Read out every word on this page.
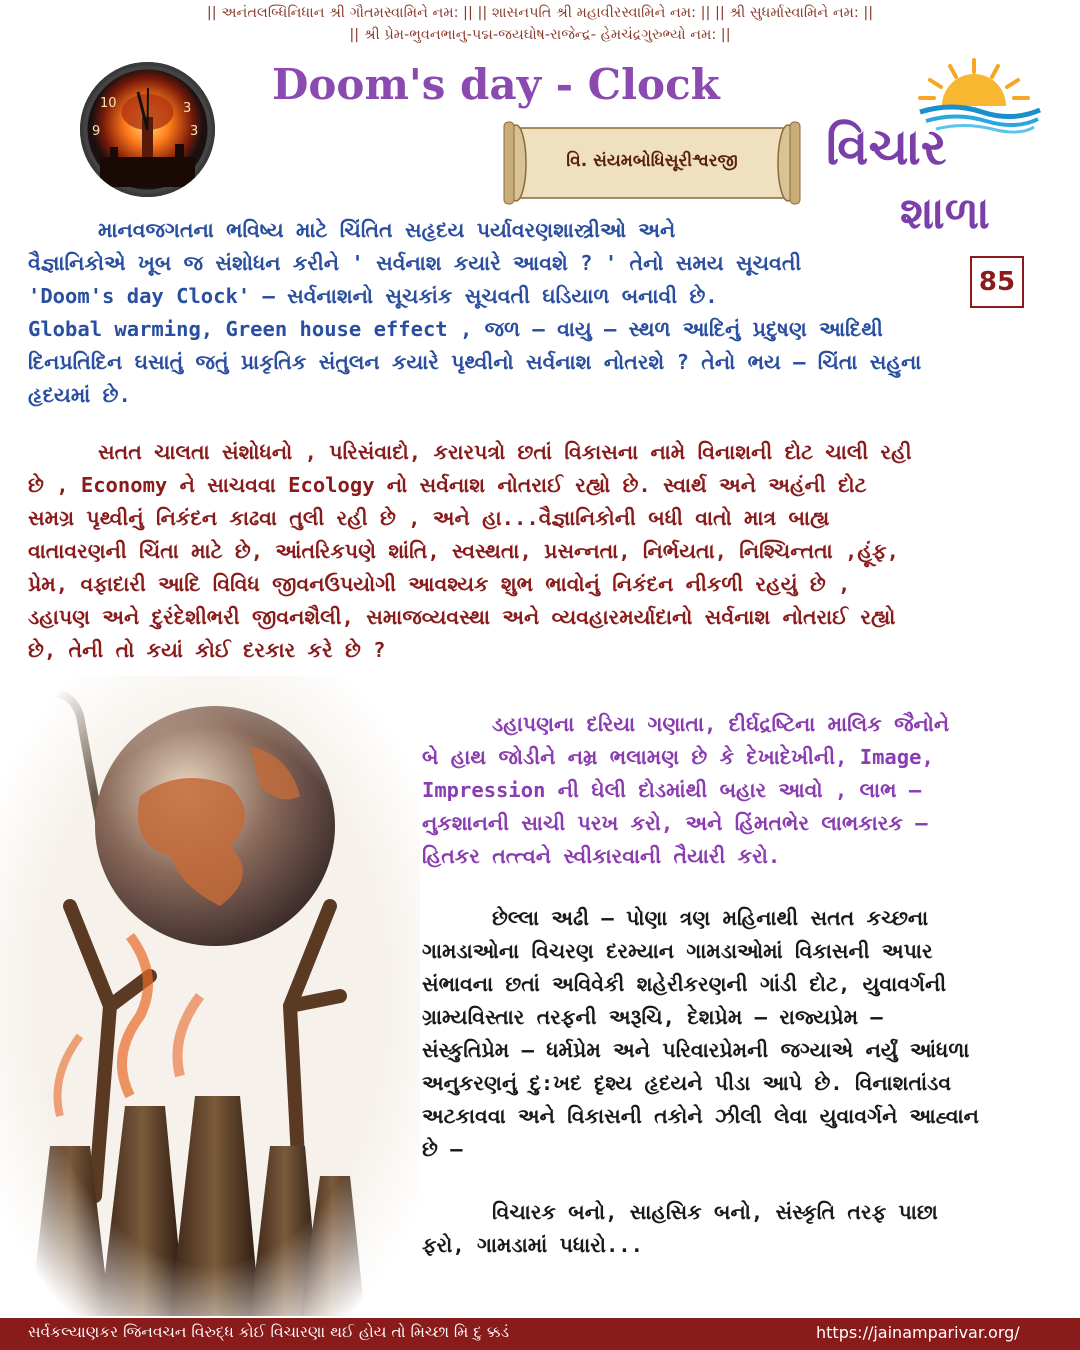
|| અનંતલબ્ધિનિધાન શ્રી ગૌતમસ્વામિને નમ: || || શાસનપતિ શ્રી મહાવીરસ્વામિને નમ: || || શ્રી સુધર્માસ્વામિને નમ: ||
|| શ્રી પ્રેમ-ભુવનભાનુ-પદ્મ-જયઘોષ-રાજેન્દ્ર- હેમચંદ્રગુરુભ્યો નમ: ||
10	3
9	3
Doom's day - Clock
વિ. સંયમબોધિસૂરીશ્વરજી	વિચાર
શાળા
85
માનવજગતના ભવિષ્ય માટે ચિંતિત સહૃદય પર્યાવરણશાસ્ત્રીઓ અને
વૈજ્ઞાનિકોએ ખૂબ જ સંશોધન કરીને ' સર્વનાશ કયારે આવશે ? ' તેનો સમય સૂચવતી
'Doom's day Clock' – સર્વનાશનો સૂચકાંક સૂચવતી ઘડિયાળ બનાવી છે.
Global warming, Green house effect , જળ – વાયુ – સ્થળ આદિનું પ્રદુષણ આદિથી
દિનપ્રતિદિન ઘસાતું જતું પ્રાકૃતિક સંતુલન કયારે પૃથ્વીનો સર્વનાશ નોતરશે ? તેનો ભય – ચિંતા સહુના
હૃદયમાં છે.
સતત ચાલતા સંશોધનો , પરિસંવાદો, કરારપત્રો છતાં વિકાસના નામે વિનાશની દોટ ચાલી રહી
છે , Economy ને સાચવવા Ecology નો સર્વનાશ નોતરાઈ રહ્યો છે. સ્વાર્થ અને અહંની દોટ
સમગ્ર પૃથ્વીનું નિકંદન કાઢવા તુલી રહી છે , અને હા...વૈજ્ઞાનિકોની બધી વાતો માત્ર બાહ્ય
વાતાવરણની ચિંતા માટે છે, આંતરિકપણે શાંતિ, સ્વસ્થતા, પ્રસન્નતા, નિર્ભયતા, નિશ્ચિન્તતા ,હૂંફ,
પ્રેમ, વફાદારી આદિ વિવિધ જીવનઉપયોગી આવશ્યક શુભ ભાવોનું નિકંદન નીકળી રહયું છે ,
ડહાપણ અને દુરંદેશીભરી જીવનશૈલી, સમાજવ્યવસ્થા અને વ્યવહારમર્યાદાનો સર્વનાશ નોતરાઈ રહ્યો
છે, તેની તો કયાં કોઈ દરકાર કરે છે ?
ડહાપણના દરિયા ગણાતા, દીર્ઘદ્રષ્ટિના માલિક જૈનોને
બે હાથ જોડીને નમ્ર ભલામણ છે કે દેખાદેખીની, Image,
Impression ની ઘેલી દોડમાંથી બહાર આવો , લાભ –
નુકશાનની સાચી પરખ કરો, અને હિંમતભેર લાભકારક –
હિતકર તત્ત્વને સ્વીકારવાની તૈયારી કરો.
છેલ્લા અઢી – પોણા ત્રણ મહિનાથી સતત કચ્છના
ગામડાઓના વિચરણ દરમ્યાન ગામડાઓમાં વિકાસની અપાર
સંભાવના છતાં અવિવેકી શહેરીકરણની ગાંડી દોટ, યુવાવર્ગની
ગ્રામ્યવિસ્તાર તરફની અરૂચિ, દેશપ્રેમ – રાજ્યપ્રેમ –
સંસ્કુતિપ્રેમ – ધર્મપ્રેમ અને પરિવારપ્રેમની જગ્યાએ નર્યું આંધળા
અનુકરણનું દુ:ખદ દૃશ્ય હૃદયને પીડા આપે છે. વિનાશતાંડવ
અટકાવવા અને વિકાસની તકોને ઝીલી લેવા યુવાવર્ગને આહ્વાન
છે –
વિચારક બનો, સાહસિક બનો, સંસ્કૃતિ તરફ પાછા
ફરો, ગામડામાં પધારો...
સર્વકલ્યાણકર જિનવચન વિરુદ્ધ કોઈ વિચારણા થઈ હોય તો મિચ્છા મિ દુ ક્કડં	https://jainamparivar.org/
